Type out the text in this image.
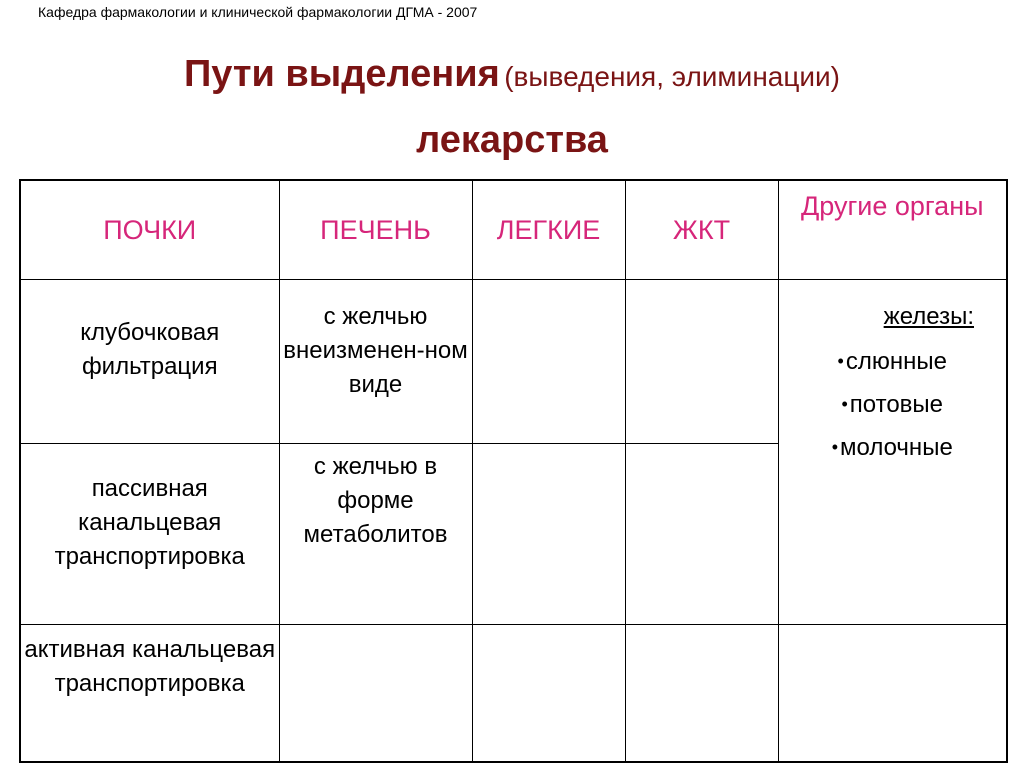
Кафедра фармакологии и клинической фармакологии ДГМА - 2007
Пути выделения (выведения, элиминации)
лекарства
ПОЧКИ	ПЕЧЕНЬ	ЛЕГКИЕ	ЖКТ	Другие органы
клубочковая фильтрация	с желчью внеизменен-ном виде			железы:
•слюнные
•потовые
•молочные

пассивная канальцевая транспортировка	с желчью в форме метаболитов			
активная канальцевая транспортировка				
